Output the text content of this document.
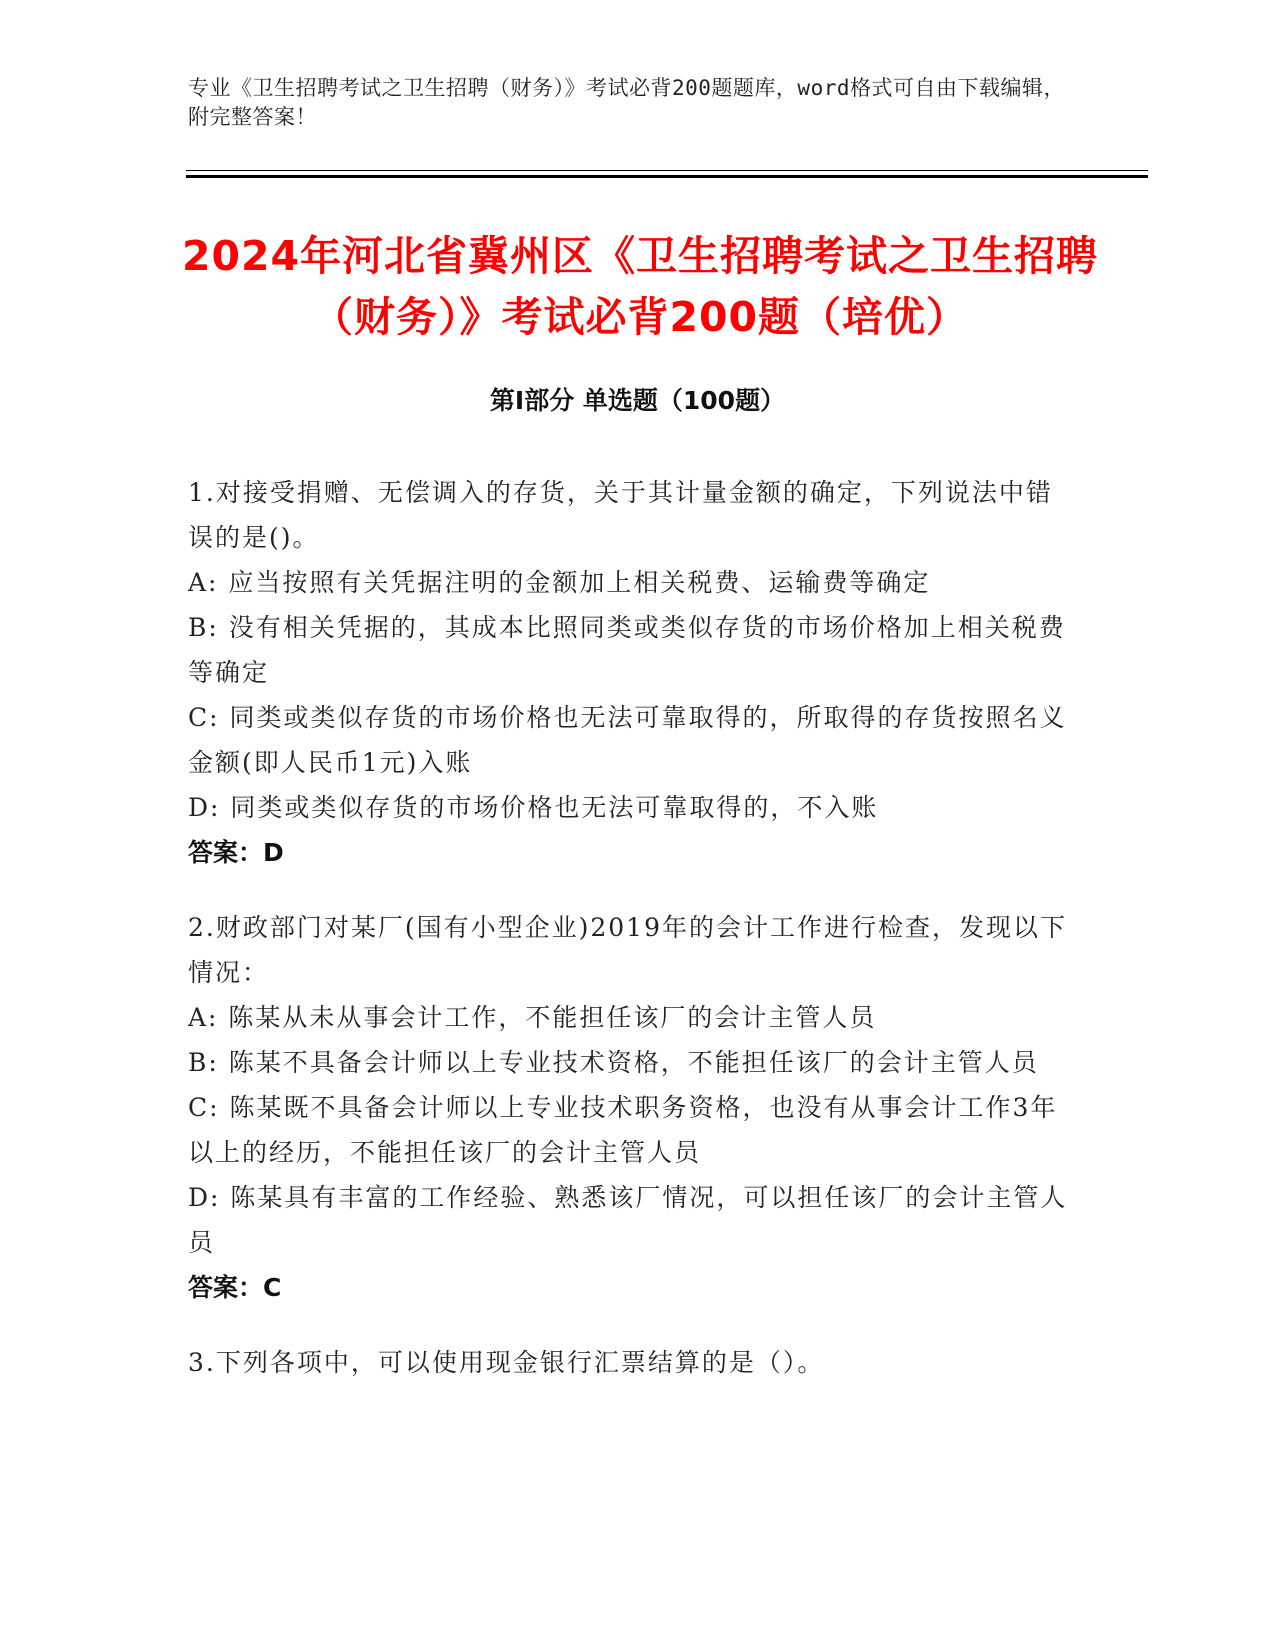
专业《卫生招聘考试之卫生招聘（财务）》考试必背200题题库，word格式可自由下载编辑，附完整答案！
2024年河北省冀州区《卫生招聘考试之卫生招聘（财务）》考试必背200题（培优）
第Ⅰ部分 单选题（100题）
1.对接受捐赠、无偿调入的存货，关于其计量金额的确定，下列说法中错误的是()。
A: 应当按照有关凭据注明的金额加上相关税费、运输费等确定
B: 没有相关凭据的，其成本比照同类或类似存货的市场价格加上相关税费等确定
C: 同类或类似存货的市场价格也无法可靠取得的，所取得的存货按照名义金额(即人民币1元)入账
D: 同类或类似存货的市场价格也无法可靠取得的，不入账
答案：D
2.财政部门对某厂(国有小型企业)2019年的会计工作进行检查，发现以下情况：
A: 陈某从未从事会计工作，不能担任该厂的会计主管人员
B: 陈某不具备会计师以上专业技术资格，不能担任该厂的会计主管人员
C: 陈某既不具备会计师以上专业技术职务资格，也没有从事会计工作3年以上的经历，不能担任该厂的会计主管人员
D: 陈某具有丰富的工作经验、熟悉该厂情况，可以担任该厂的会计主管人员
答案：C
3.下列各项中，可以使用现金银行汇票结算的是（）。
